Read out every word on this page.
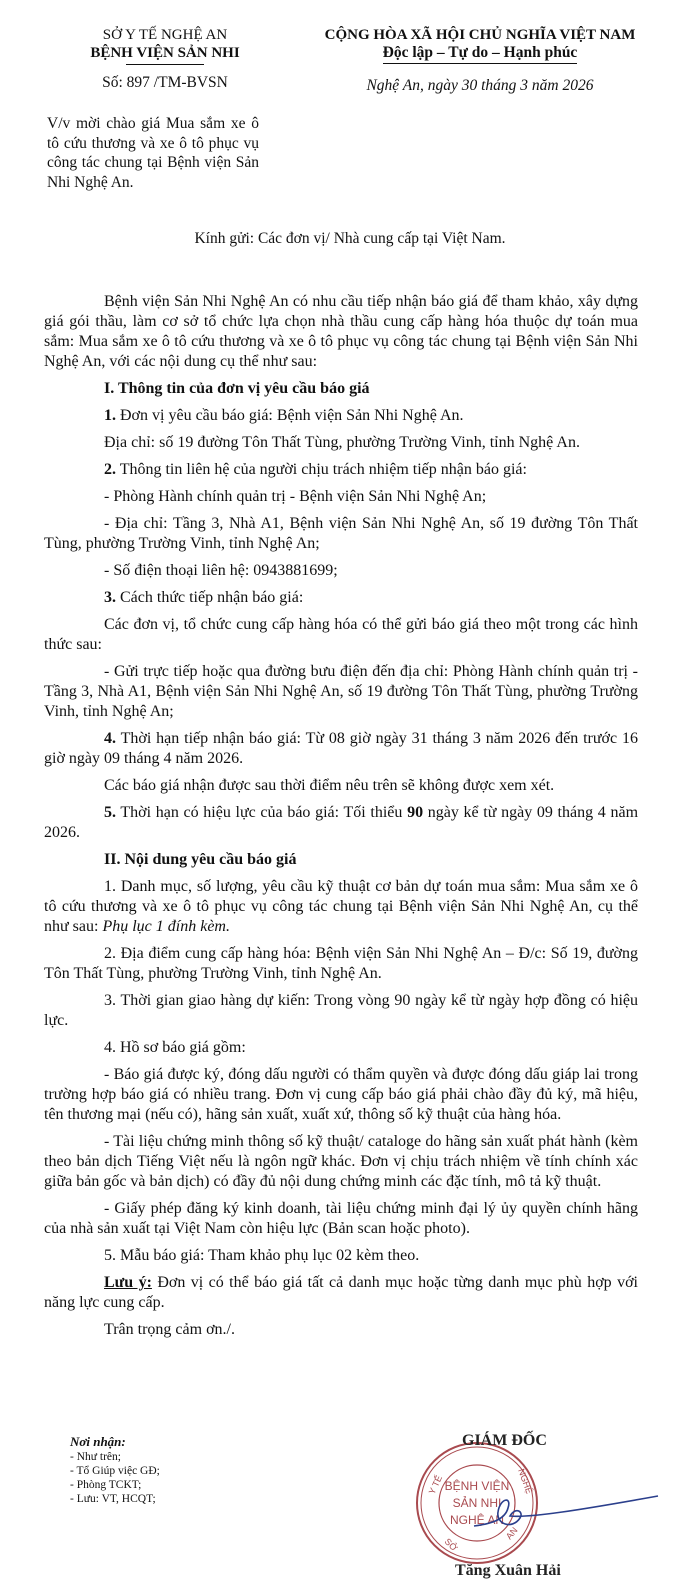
SỞ Y TẾ NGHỆ AN
BỆNH VIỆN SẢN NHI
Số: 897 /TM-BVSN
V/v mời chào giá Mua sắm xe ô tô cứu thương và xe ô tô phục vụ công tác chung tại Bệnh viện Sản Nhi Nghệ An.
CỘNG HÒA XÃ HỘI CHỦ NGHĨA VIỆT NAM
Độc lập – Tự do – Hạnh phúc
Nghệ An, ngày 30 tháng 3 năm 2026
Kính gửi: Các đơn vị/ Nhà cung cấp tại Việt Nam.

Bệnh viện Sản Nhi Nghệ An có nhu cầu tiếp nhận báo giá để tham khảo, xây dựng giá gói thầu, làm cơ sở tổ chức lựa chọn nhà thầu cung cấp hàng hóa thuộc dự toán mua sắm: Mua sắm xe ô tô cứu thương và xe ô tô phục vụ công tác chung tại Bệnh viện Sản Nhi Nghệ An, với các nội dung cụ thể như sau:

I. Thông tin của đơn vị yêu cầu báo giá

1. Đơn vị yêu cầu báo giá: Bệnh viện Sản Nhi Nghệ An.

Địa chỉ: số 19 đường Tôn Thất Tùng, phường Trường Vinh, tỉnh Nghệ An.

2. Thông tin liên hệ của người chịu trách nhiệm tiếp nhận báo giá:

- Phòng Hành chính quản trị - Bệnh viện Sản Nhi Nghệ An;

- Địa chỉ: Tầng 3, Nhà A1, Bệnh viện Sản Nhi Nghệ An, số 19 đường Tôn Thất Tùng, phường Trường Vinh, tỉnh Nghệ An;

- Số điện thoại liên hệ: 0943881699;

3. Cách thức tiếp nhận báo giá:

Các đơn vị, tổ chức cung cấp hàng hóa có thể gửi báo giá theo một trong các hình thức sau:

- Gửi trực tiếp hoặc qua đường bưu điện đến địa chỉ: Phòng Hành chính quản trị - Tầng 3, Nhà A1, Bệnh viện Sản Nhi Nghệ An, số 19 đường Tôn Thất Tùng, phường Trường Vinh, tỉnh Nghệ An;

4. Thời hạn tiếp nhận báo giá: Từ 08 giờ ngày 31 tháng 3 năm 2026 đến trước 16 giờ ngày 09 tháng 4 năm 2026.

Các báo giá nhận được sau thời điểm nêu trên sẽ không được xem xét.

5. Thời hạn có hiệu lực của báo giá: Tối thiểu 90 ngày kể từ ngày 09 tháng 4 năm 2026.

II. Nội dung yêu cầu báo giá

1. Danh mục, số lượng, yêu cầu kỹ thuật cơ bản dự toán mua sắm: Mua sắm xe ô tô cứu thương và xe ô tô phục vụ công tác chung tại Bệnh viện Sản Nhi Nghệ An, cụ thể như sau: Phụ lục 1 đính kèm.

2. Địa điểm cung cấp hàng hóa: Bệnh viện Sản Nhi Nghệ An – Đ/c: Số 19, đường Tôn Thất Tùng, phường Trường Vinh, tỉnh Nghệ An.

3. Thời gian giao hàng dự kiến: Trong vòng 90 ngày kể từ ngày hợp đồng có hiệu lực.

4. Hồ sơ báo giá gồm:

- Báo giá được ký, đóng dấu người có thẩm quyền và được đóng dấu giáp lai trong trường hợp báo giá có nhiều trang. Đơn vị cung cấp báo giá phải chào đầy đủ ký, mã hiệu, tên thương mại (nếu có), hãng sản xuất, xuất xứ, thông số kỹ thuật của hàng hóa.

- Tài liệu chứng minh thông số kỹ thuật/ cataloge do hãng sản xuất phát hành (kèm theo bản dịch Tiếng Việt nếu là ngôn ngữ khác. Đơn vị chịu trách nhiệm về tính chính xác giữa bản gốc và bản dịch) có đầy đủ nội dung chứng minh các đặc tính, mô tả kỹ thuật.

- Giấy phép đăng ký kinh doanh, tài liệu chứng minh đại lý ủy quyền chính hãng của nhà sản xuất tại Việt Nam còn hiệu lực (Bản scan hoặc photo).

5. Mẫu báo giá: Tham khảo phụ lục 02 kèm theo.

Lưu ý: Đơn vị có thể báo giá tất cả danh mục hoặc từng danh mục phù hợp với năng lực cung cấp.

Trân trọng cảm ơn./.

Nơi nhận:
- Như trên;
- Tổ Giúp việc GĐ;
- Phòng TCKT;
- Lưu: VT, HCQT;
BỆNH VIỆN
SẢN NHI
NGHỆ AN
Y TẾ	NGHỆ
SỞ
AN
GIÁM ĐỐC
Tăng Xuân Hải
